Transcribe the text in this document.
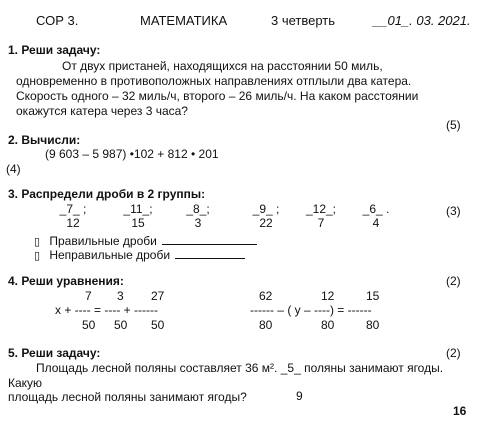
СОР 3.	МАТЕМАТИКА	3 четверть	__01_. 03. 2021.
1. Реши задачу:
От двух пристаней, находящихся на расстоянии 50 миль,
одновременно в противоположных направлениях отплыли два катера.
Скорость одного – 32 миль/ч, второго – 26 миль/ч. На каком расстоянии
окажутся катера через 3 часа?
(5)
2. Вычисли:
(9 603 – 5 987) •102 + 812 • 201
(4)
3. Распредели дроби в 2 группы:
_7_ ;
12
_11_;
15
_8_;
3
_9_ ;
22
_12_;
7
_6_ .
4
(3)
▯ Правильные дроби
▯ Неправильные дроби
4. Реши уравнения:	(2)
7 3 27
x + ---- = ---- + ------
50 50 50
62	12	15
------ – ( y – ----) = ------
80	80	80
5. Реши задачу:	(2)
Площадь лесной поляны составляет 36 м². _5_ поляны занимают ягоды.
Какую
площадь лесной поляны занимают ягоды?	9
16
